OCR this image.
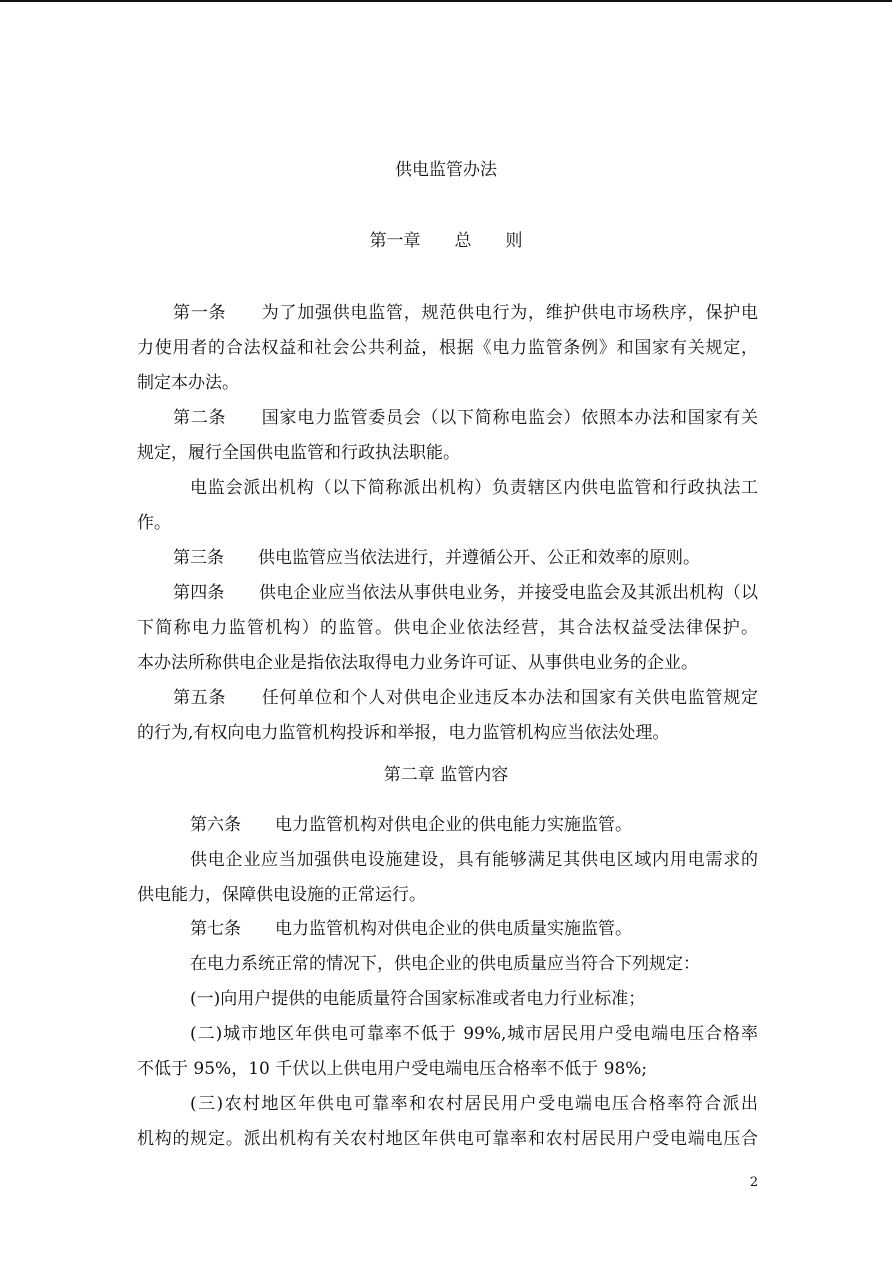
供电监管办法
第一章　　总　　则
第一条　　为了加强供电监管，规范供电行为，维护供电市场秩序，保护电
力使用者的合法权益和社会公共利益，根据《电力监管条例》和国家有关规定，
制定本办法。
第二条　　国家电力监管委员会（以下简称电监会）依照本办法和国家有关
规定，履行全国供电监管和行政执法职能。
电监会派出机构（以下简称派出机构）负责辖区内供电监管和行政执法工
作。
第三条　　供电监管应当依法进行，并遵循公开、公正和效率的原则。
第四条　　供电企业应当依法从事供电业务，并接受电监会及其派出机构（以
下简称电力监管机构）的监管。供电企业依法经营，其合法权益受法律保护。
本办法所称供电企业是指依法取得电力业务许可证、从事供电业务的企业。
第五条　　任何单位和个人对供电企业违反本办法和国家有关供电监管规定
的行为,有权向电力监管机构投诉和举报，电力监管机构应当依法处理。
第二章 监管内容
第六条　　电力监管机构对供电企业的供电能力实施监管。
供电企业应当加强供电设施建设，具有能够满足其供电区域内用电需求的
供电能力，保障供电设施的正常运行。
第七条　　电力监管机构对供电企业的供电质量实施监管。
在电力系统正常的情况下，供电企业的供电质量应当符合下列规定：
(一)向用户提供的电能质量符合国家标准或者电力行业标准；
(二)城市地区年供电可靠率不低于 99%,城市居民用户受电端电压合格率
不低于 95%，10 千伏以上供电用户受电端电压合格率不低于 98%;
(三)农村地区年供电可靠率和农村居民用户受电端电压合格率符合派出
机构的规定。派出机构有关农村地区年供电可靠率和农村居民用户受电端电压合
2
